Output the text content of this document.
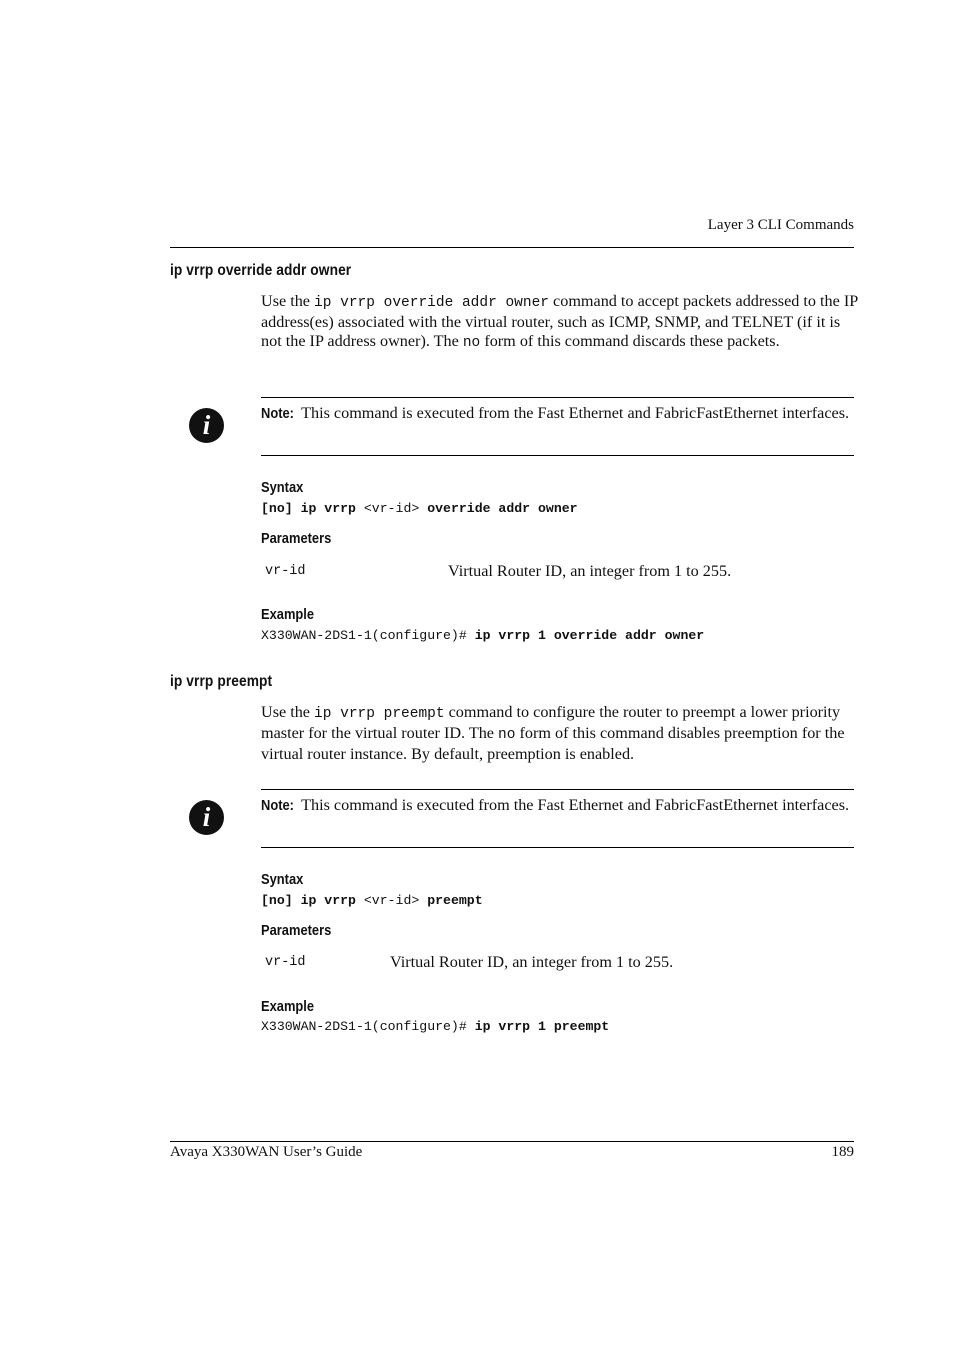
Layer 3 CLI Commands
ip vrrp override addr owner
Use the ip vrrp override addr owner command to accept packets addressed to the IP address(es) associated with the virtual router, such as ICMP, SNMP, and TELNET (if it is not the IP address owner). The no form of this command discards these packets.
i	Note: This command is executed from the Fast Ethernet and FabricFastEthernet interfaces.
Syntax
[no] ip vrrp <vr-id> override addr owner
Parameters
vr-id	Virtual Router ID, an integer from 1 to 255.
Example
X330WAN-2DS1-1(configure)# ip vrrp 1 override addr owner
ip vrrp preempt
Use the ip vrrp preempt command to configure the router to preempt a lower priority master for the virtual router ID. The no form of this command disables preemption for the virtual router instance. By default, preemption is enabled.
i	Note: This command is executed from the Fast Ethernet and FabricFastEthernet interfaces.
Syntax
[no] ip vrrp <vr-id> preempt
Parameters
vr-id	Virtual Router ID, an integer from 1 to 255.
Example
X330WAN-2DS1-1(configure)# ip vrrp 1 preempt
Avaya X330WAN User’s Guide	189
